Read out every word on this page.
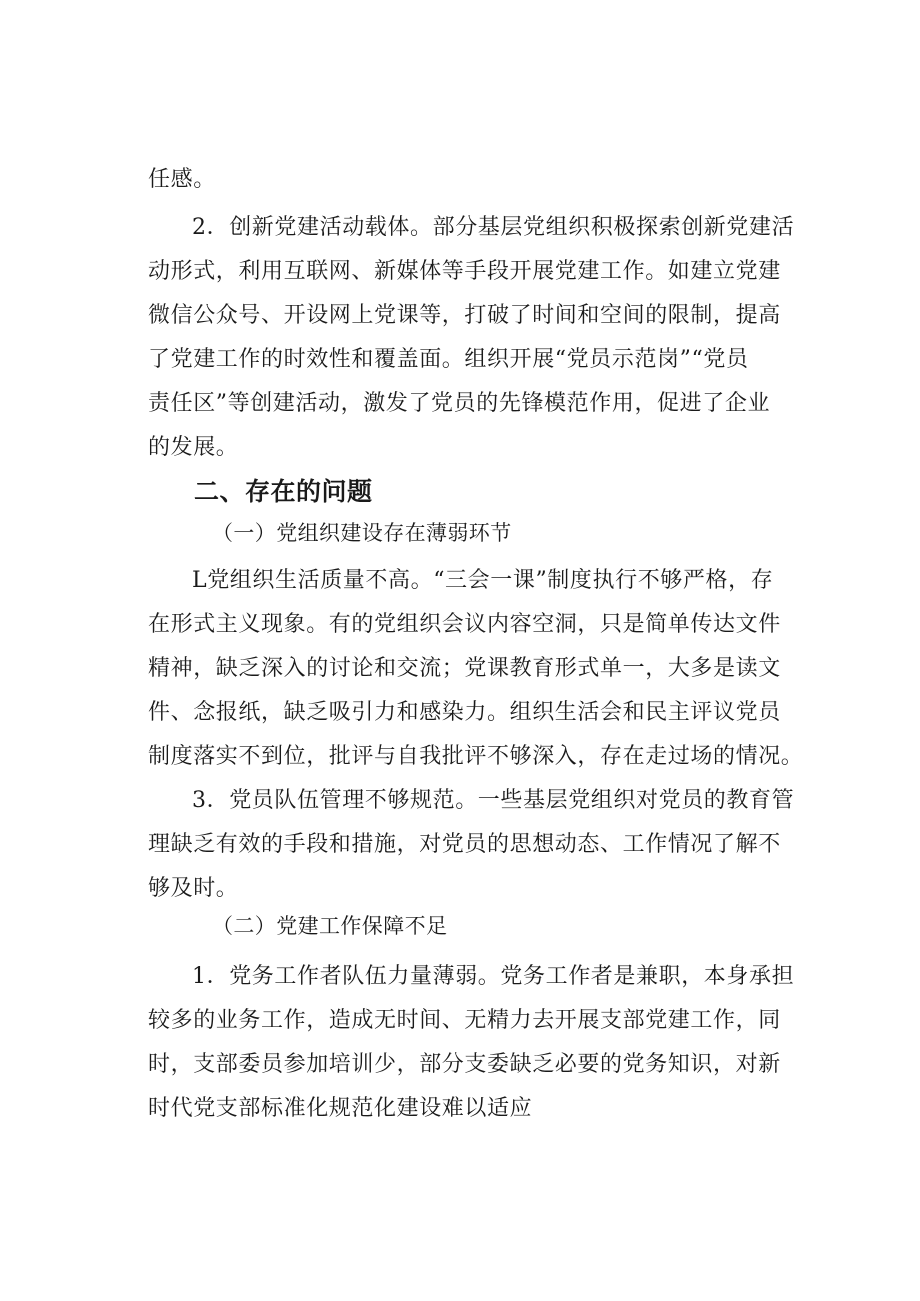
任感。
2．创新党建活动载体。部分基层党组织积极探索创新党建活
动形式，利用互联网、新媒体等手段开展党建工作。如建立党建
微信公众号、开设网上党课等，打破了时间和空间的限制，提高
了党建工作的时效性和覆盖面。组织开展“党员示范岗”“党员
责任区”等创建活动，激发了党员的先锋模范作用，促进了企业
的发展。
二、存在的问题
（一）党组织建设存在薄弱环节
L党组织生活质量不高。“三会一课”制度执行不够严格，存
在形式主义现象。有的党组织会议内容空洞，只是简单传达文件
精神，缺乏深入的讨论和交流；党课教育形式单一，大多是读文
件、念报纸，缺乏吸引力和感染力。组织生活会和民主评议党员
制度落实不到位，批评与自我批评不够深入，存在走过场的情况。
3．党员队伍管理不够规范。一些基层党组织对党员的教育管
理缺乏有效的手段和措施，对党员的思想动态、工作情况了解不
够及时。
（二）党建工作保障不足
1．党务工作者队伍力量薄弱。党务工作者是兼职，本身承担
较多的业务工作，造成无时间、无精力去开展支部党建工作，同
时，支部委员参加培训少，部分支委缺乏必要的党务知识，对新
时代党支部标准化规范化建设难以适应
